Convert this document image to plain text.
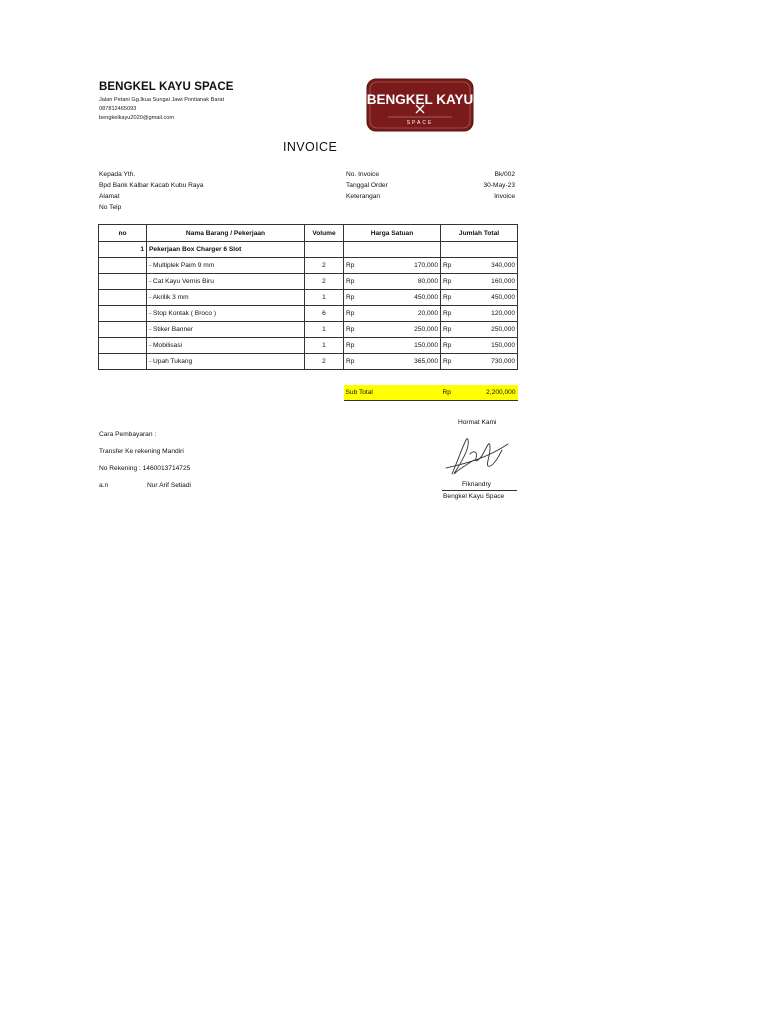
BENGKEL KAYU SPACE
Jalan Petani Gg.Ikua Sungai Jawi Pontianak Barat
087812465093
bengkelkayu2020@gmail.com
BENGKEL KAYU
SPACE
INVOICE
Kepada Yth.
Bpd Bank Kalbar Kacab Kubu Raya
Alamat
No Telp
No. Invoice	Bk/002
Tanggal Order	30-May-23
Keterangan	Invoice
no	Nama Barang / Pekerjaan	Volume	Harga Satuan	Jumlah Total
1	Pekerjaan Box Charger 6 Slot			
	- Multiplek Paim 9 mm	2	Rp 170,000	Rp 340,000

	- Cat Kayu Vernis Biru	2	Rp 80,000	Rp 160,000

	- Akrilik 3 mm	1	Rp 450,000	Rp 450,000

	- Stop Kontak ( Broco )	6	Rp 20,000	Rp 120,000

	- Stiker Banner	1	Rp 250,000	Rp 250,000

	- Mobilisasi	1	Rp 150,000	Rp 150,000

	- Upah Tukang	2	Rp 365,000	Rp 730,000

			Sub Total	Rp 2,200,000
Cara Pembayaran :
Transfer Ke rekening Mandiri
No Rekening : 1460013714725
a.n	Nur Arif Setiadi
Hormat Kami
Fikriandry
Bengkel Kayu Space
